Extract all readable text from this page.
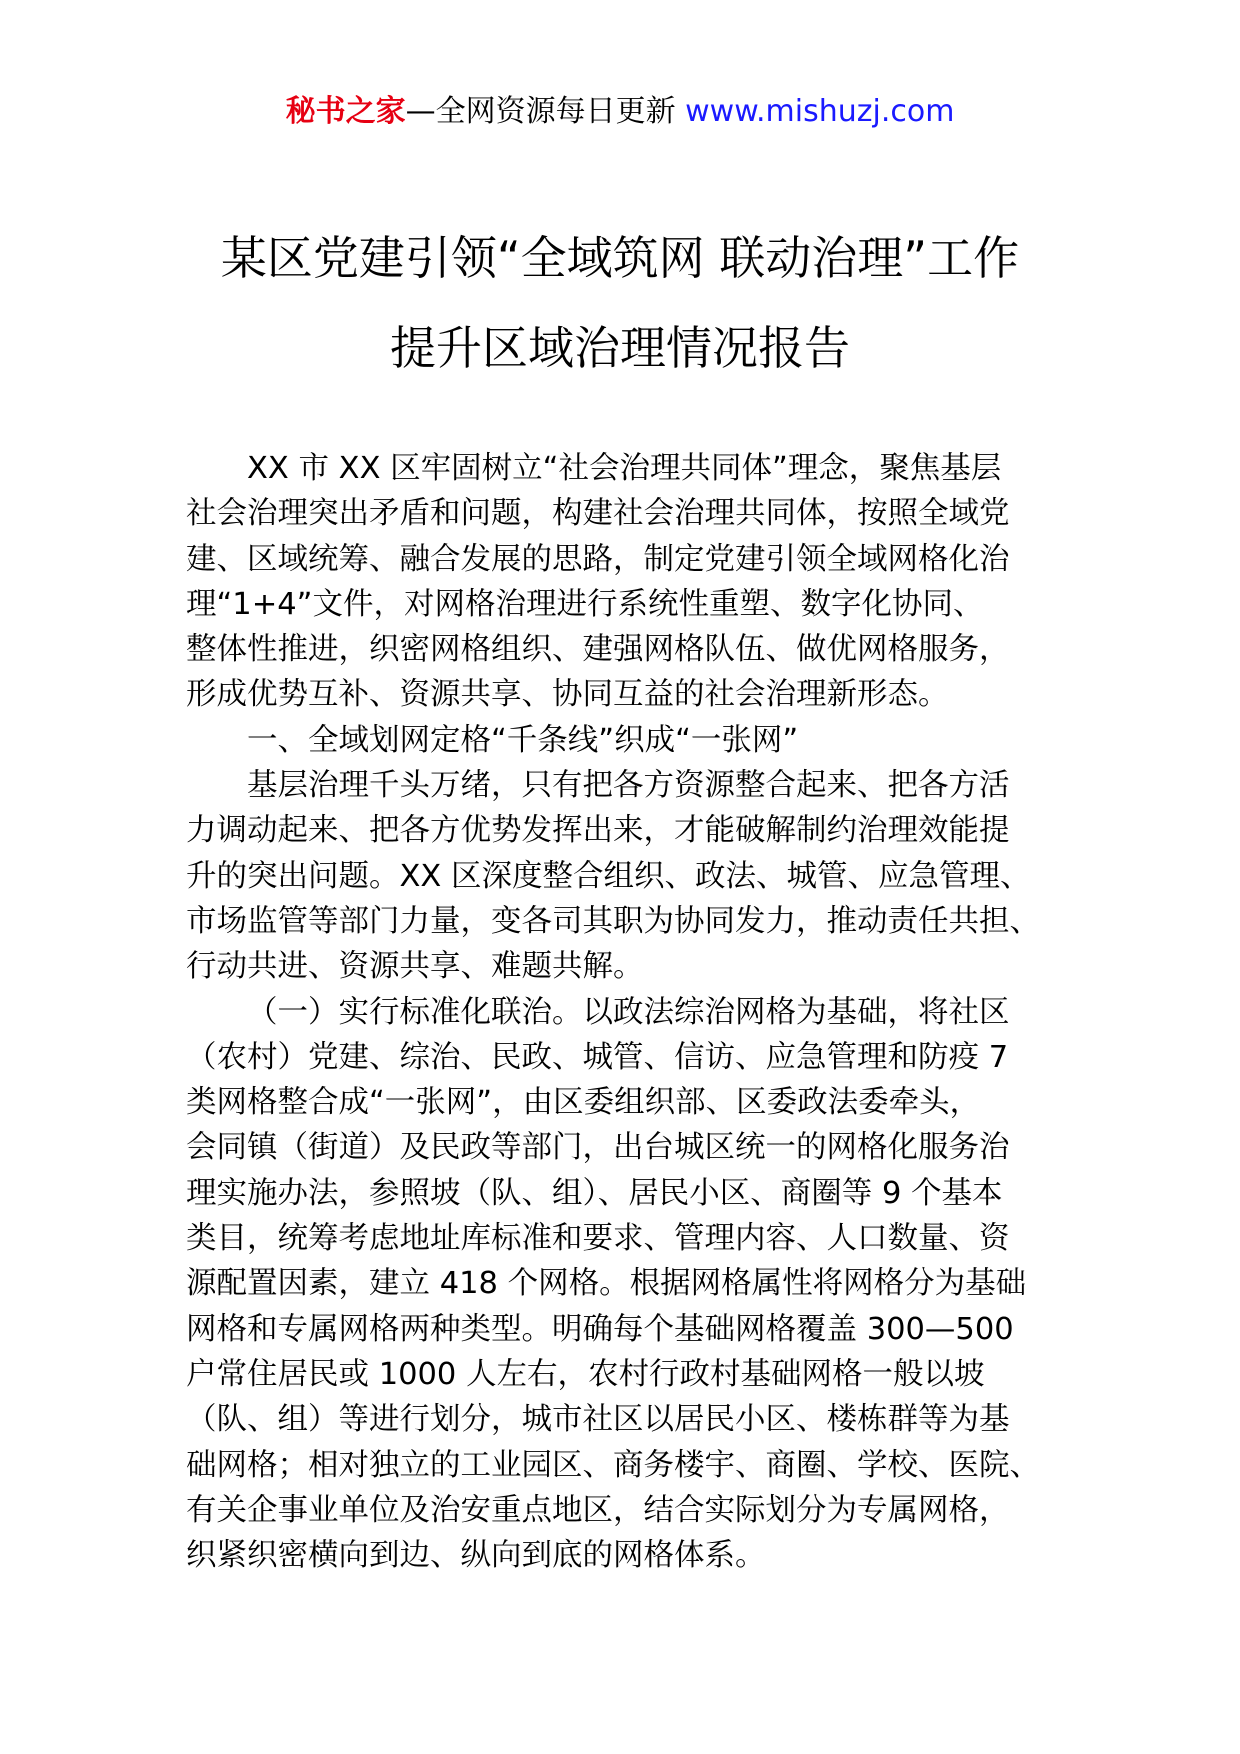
秘书之家—全网资源每日更新 www.mishuzj.com
某区党建引领“全域筑网 联动治理”工作
提升区域治理情况报告
XX 市 XX 区牢固树立“社会治理共同体”理念，聚焦基层
社会治理突出矛盾和问题，构建社会治理共同体，按照全域党
建、区域统筹、融合发展的思路，制定党建引领全域网格化治
理“1+4”文件，对网格治理进行系统性重塑、数字化协同、
整体性推进，织密网格组织、建强网格队伍、做优网格服务，
形成优势互补、资源共享、协同互益的社会治理新形态。
一、全域划网定格“千条线”织成“一张网”
基层治理千头万绪，只有把各方资源整合起来、把各方活
力调动起来、把各方优势发挥出来，才能破解制约治理效能提
升的突出问题。XX 区深度整合组织、政法、城管、应急管理、
市场监管等部门力量，变各司其职为协同发力，推动责任共担、
行动共进、资源共享、难题共解。
（一）实行标准化联治。以政法综治网格为基础，将社区
（农村）党建、综治、民政、城管、信访、应急管理和防疫 7
类网格整合成“一张网”，由区委组织部、区委政法委牵头，
会同镇（街道）及民政等部门，出台城区统一的网格化服务治
理实施办法，参照坡（队、组）、居民小区、商圈等 9 个基本
类目，统筹考虑地址库标准和要求、管理内容、人口数量、资
源配置因素，建立 418 个网格。根据网格属性将网格分为基础
网格和专属网格两种类型。明确每个基础网格覆盖 300—500
户常住居民或 1000 人左右，农村行政村基础网格一般以坡
（队、组）等进行划分，城市社区以居民小区、楼栋群等为基
础网格；相对独立的工业园区、商务楼宇、商圈、学校、医院、
有关企事业单位及治安重点地区，结合实际划分为专属网格，
织紧织密横向到边、纵向到底的网格体系。
